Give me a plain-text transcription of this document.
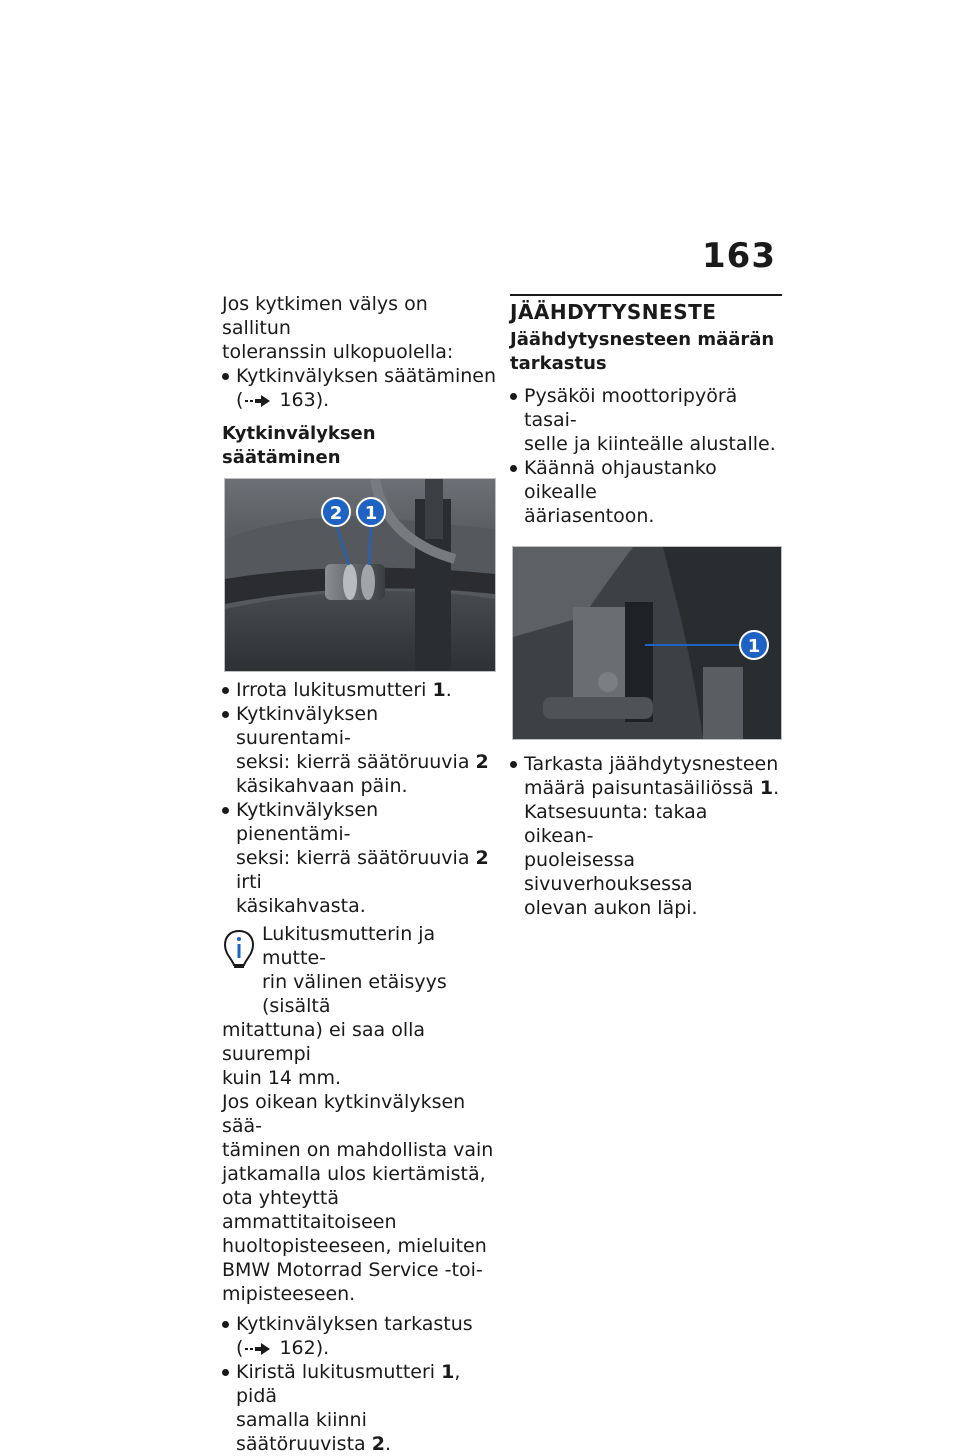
163

Jos kytkimen välys on sallitun
toleranssin ulkopuolella:

Kytkinvälyksen säätäminen
( 163).
Kytkinvälyksen säätäminen
2	1
Irrota lukitusmutteri 1.
Kytkinvälyksen suurentami-
seksi: kierrä säätöruuvia 2
käsikahvaan päin.
Kytkinvälyksen pienentämi-
seksi: kierrä säätöruuvia 2 irti
käsikahvasta.

Lukitusmutterin ja mutte-
rin välinen etäisyys (sisältä

mitattuna) ei saa olla suurempi
kuin 14 mm.
Jos oikean kytkinvälyksen sää-
täminen on mahdollista vain
jatkamalla ulos kiertämistä,
ota yhteyttä ammattitaitoiseen
huoltopisteeseen, mieluiten
BMW Motorrad Service -toi-
mipisteeseen.

Kytkinvälyksen tarkastus
( 162).
Kiristä lukitusmutteri 1, pidä
samalla kiinni säätöruuvista 2.
JÄÄHDYTYSNESTE
Jäähdytysnesteen määrän
tarkastus
Pysäköi moottoripyörä tasai-
selle ja kiinteälle alustalle.
Käännä ohjaustanko oikealle
ääriasentoon.
1
Tarkasta jäähdytysnesteen
määrä paisuntasäiliössä 1.
Katsesuunta: takaa oikean-
puoleisessa sivuverhouksessa
olevan aukon läpi.
